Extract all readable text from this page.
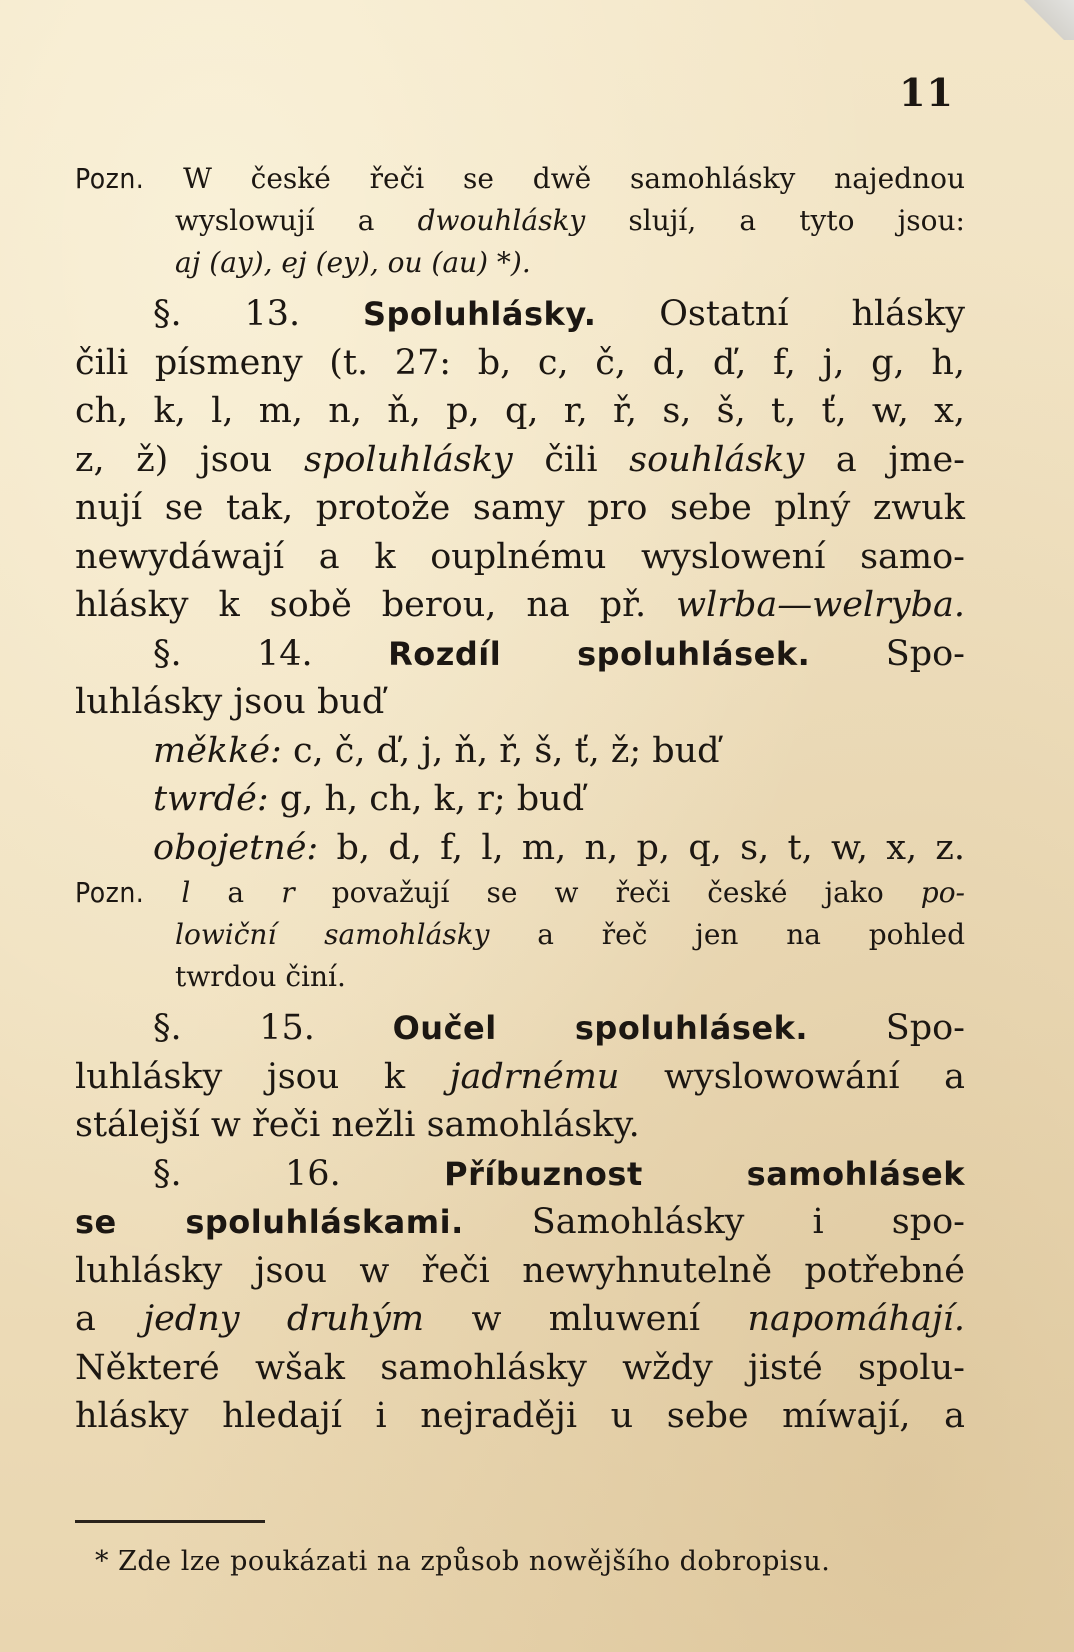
11
Pozn. W české řeči se dwě samohlásky najednou
wyslowují a dwouhlásky slují, a tyto jsou:
aj (ay), ej (ey), ou (au) *).
§. 13. Spoluhlásky. Ostatní hlásky
čili písmeny (t. 27: b, c, č, d, ď, f, j, g, h,
ch, k, l, m, n, ň, p, q, r, ř, s, š, t, ť, w, x,
z, ž) jsou spoluhlásky čili souhlásky a jme-
nují se tak, protože samy pro sebe plný zwuk
newydáwají a k ouplnému wyslowení samo-
hlásky k sobě berou, na př. wlrba—welryba.
§. 14. Rozdíl spoluhlásek. Spo-
luhlásky jsou buď
měkké: c, č, ď, j, ň, ř, š, ť, ž; buď
twrdé: g, h, ch, k, r; buď
obojetné: b, d, f, l, m, n, p, q, s, t, w, x, z.
Pozn. l a r považují se w řeči české jako po-
lowiční samohlásky a řeč jen na pohled
twrdou činí.
§. 15. Oučel spoluhlásek. Spo-
luhlásky jsou k jadrnému wyslowowání a
stálejší w řeči nežli samohlásky.
§. 16. Příbuznost samohlásek
se spoluhláskami. Samohlásky i spo-
luhlásky jsou w řeči newyhnutelně potřebné
a jedny druhým w mluwení napomáhají.
Některé wšak samohlásky wždy jisté spolu-
hlásky hledají i nejraději u sebe míwají, a
* Zde lze poukázati na způsob nowějšího dobropisu.
